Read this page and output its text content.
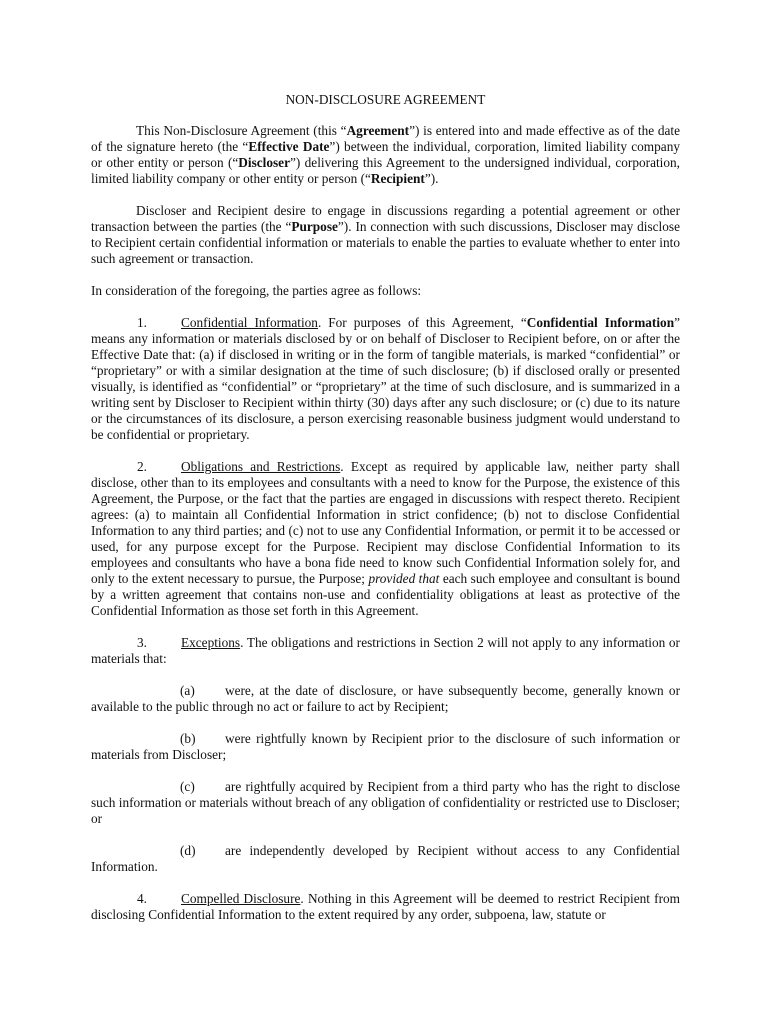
NON-DISCLOSURE AGREEMENT

This Non-Disclosure Agreement (this “Agreement”) is entered into and made effective as of the date of the signature hereto (the “Effective Date”) between the individual, corporation, limited liability company or other entity or person (“Discloser”) delivering this Agreement to the undersigned individual, corporation, limited liability company or other entity or person (“Recipient”).

Discloser and Recipient desire to engage in discussions regarding a potential agreement or other transaction between the parties (the “Purpose”). In connection with such discussions, Discloser may disclose to Recipient certain confidential information or materials to enable the parties to evaluate whether to enter into such agreement or transaction.

In consideration of the foregoing, the parties agree as follows:

1.	Confidential Information. For purposes of this Agreement, “Confidential Information” means any information or materials disclosed by or on behalf of Discloser to Recipient before, on or after the Effective Date that: (a) if disclosed in writing or in the form of tangible materials, is marked “confidential” or “proprietary” or with a similar designation at the time of such disclosure; (b) if disclosed orally or presented visually, is identified as “confidential” or “proprietary” at the time of such disclosure, and is summarized in a writing sent by Discloser to Recipient within thirty (30) days after any such disclosure; or (c) due to its nature or the circumstances of its disclosure, a person exercising reasonable business judgment would understand to be confidential or proprietary.

2.	Obligations and Restrictions. Except as required by applicable law, neither party shall disclose, other than to its employees and consultants with a need to know for the Purpose, the existence of this Agreement, the Purpose, or the fact that the parties are engaged in discussions with respect thereto. Recipient agrees: (a) to maintain all Confidential Information in strict confidence; (b) not to disclose Confidential Information to any third parties; and (c) not to use any Confidential Information, or permit it to be accessed or used, for any purpose except for the Purpose. Recipient may disclose Confidential Information to its employees and consultants who have a bona fide need to know such Confidential Information solely for, and only to the extent necessary to pursue, the Purpose; provided that each such employee and consultant is bound by a written agreement that contains non-use and confidentiality obligations at least as protective of the Confidential Information as those set forth in this Agreement.

3.	Exceptions. The obligations and restrictions in Section 2 will not apply to any information or materials that:

(a) were, at the date of disclosure, or have subsequently become, generally known or available to the public through no act or failure to act by Recipient;

(b) were rightfully known by Recipient prior to the disclosure of such information or materials from Discloser;

(c) are rightfully acquired by Recipient from a third party who has the right to disclose such information or materials without breach of any obligation of confidentiality or restricted use to Discloser; or

(d) are independently developed by Recipient without access to any Confidential Information.

4.	Compelled Disclosure. Nothing in this Agreement will be deemed to restrict Recipient from disclosing Confidential Information to the extent required by any order, subpoena, law, statute or
